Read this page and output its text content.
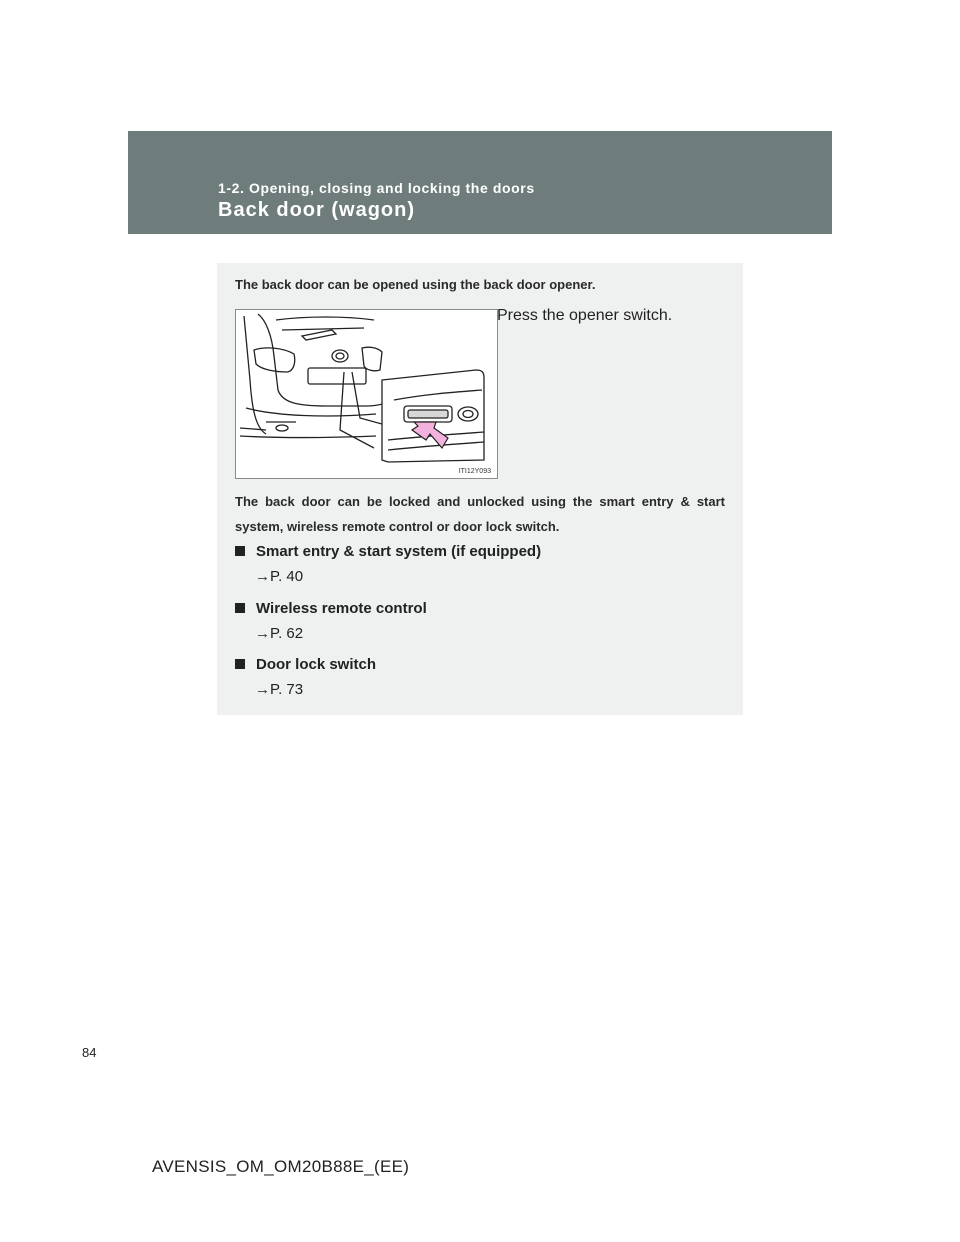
1-2. Opening, closing and locking the doors
Back door (wagon)
The back door can be opened using the back door opener.
ITI12Y093
Press the opener switch.
The back door can be locked and unlocked using the smart entry & start system, wireless remote control or door lock switch.
Smart entry & start system (if equipped)
→P. 40
Wireless remote control
→P. 62
Door lock switch
→P. 73
84
AVENSIS_OM_OM20B88E_(EE)
